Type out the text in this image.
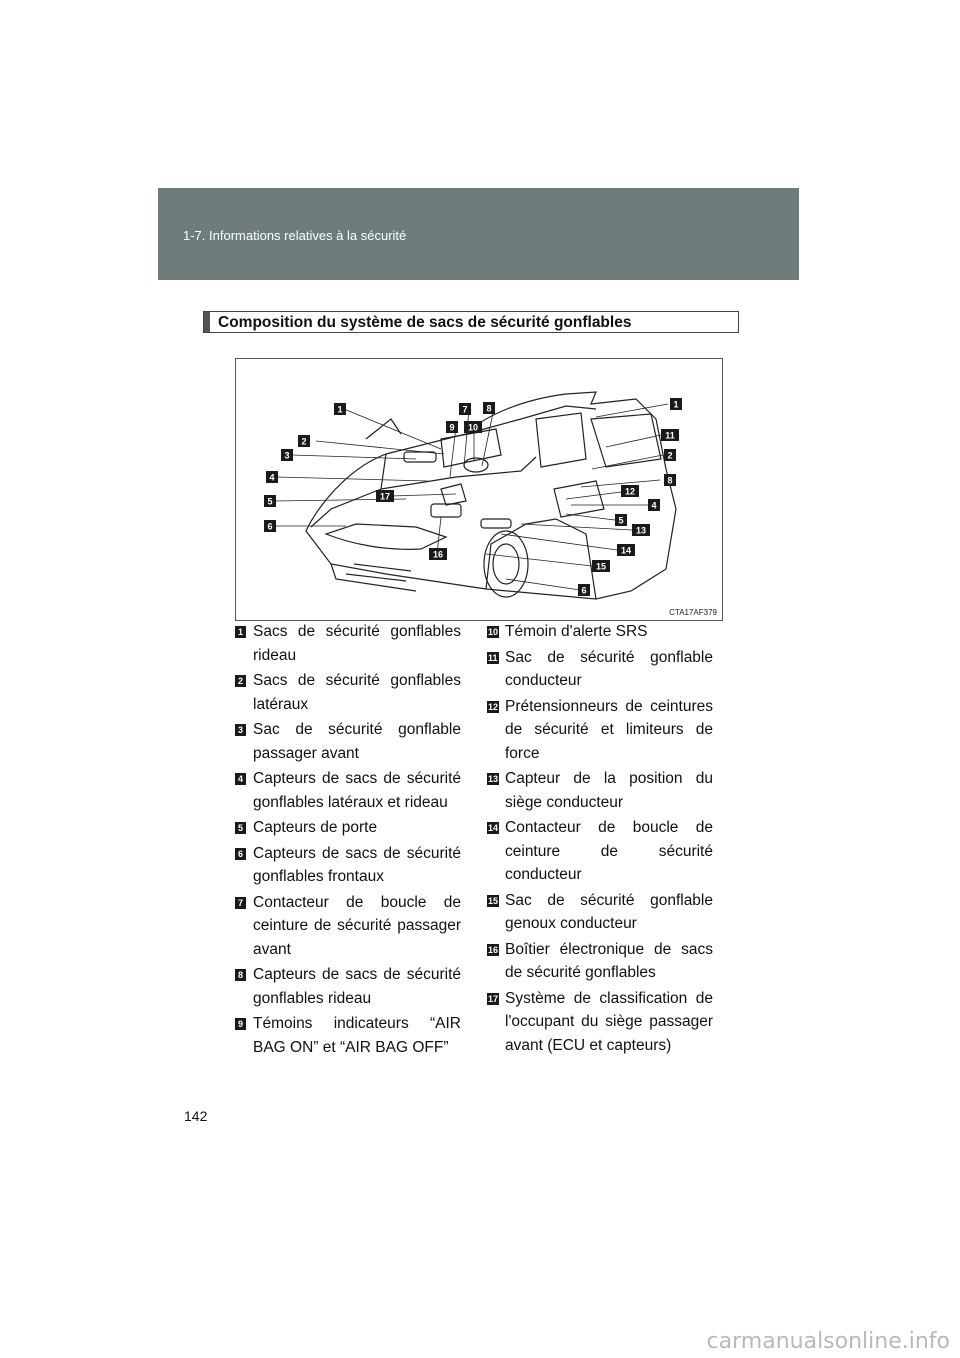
1-7. Informations relatives à la sécurité
Composition du système de sacs de sécurité gonflables
1	7 8	1
9 10
11
2
2
3
8
4
12
4
17
5
5
13
6
14
16
15
6
CTA17AF379
1 Sacs de sécurité gonflables rideau
2 Sacs de sécurité gonflables latéraux
3 Sac de sécurité gonflable passager avant
4 Capteurs de sacs de sécurité gonflables latéraux et rideau
5 Capteurs de porte
6 Capteurs de sacs de sécurité gonflables frontaux
7 Contacteur de boucle de ceinture de sécurité passager avant
8 Capteurs de sacs de sécurité gonflables rideau
9 Témoins indicateurs “AIR BAG ON” et “AIR BAG OFF”
10 Témoin d'alerte SRS
11 Sac de sécurité gonflable conducteur
12 Prétensionneurs de ceintures de sécurité et limiteurs de force
13 Capteur de la position du siège conducteur
14 Contacteur de boucle de ceinture de sécurité conducteur
15 Sac de sécurité gonflable genoux conducteur
16 Boîtier électronique de sacs de sécurité gonflables
17 Système de classification de l'occupant du siège passager avant (ECU et capteurs)
142
carmanualsonline.info
